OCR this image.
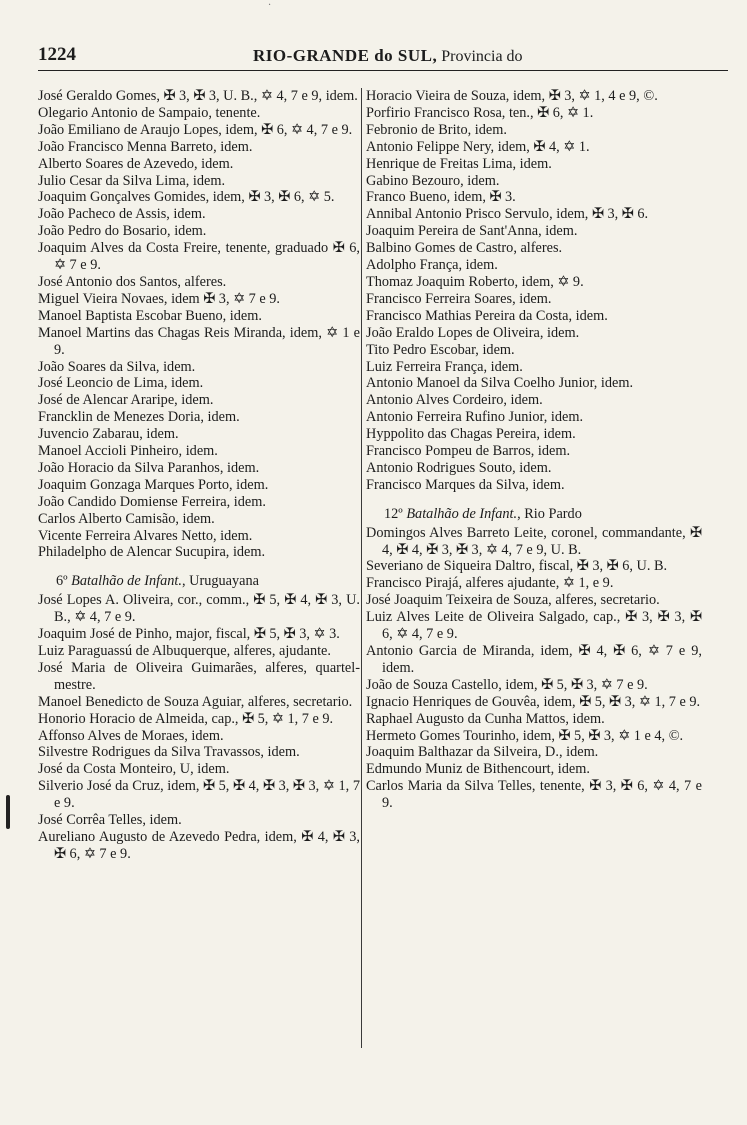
·
1224	RIO-GRANDE do SUL, Provincia do

José Geraldo Gomes, ✠ 3, ✠ 3, U. B., ✡ 4, 7 e 9, idem.

Olegario Antonio de Sampaio, tenente.

João Emiliano de Araujo Lopes, idem, ✠ 6, ✡ 4, 7 e 9.

João Francisco Menna Barreto, idem.

Alberto Soares de Azevedo, idem.

Julio Cesar da Silva Lima, idem.

Joaquim Gonçalves Gomides, idem, ✠ 3, ✠ 6, ✡ 5.

João Pacheco de Assis, idem.

João Pedro do Bosario, idem.

Joaquim Alves da Costa Freire, tenente, graduado ✠ 6, ✡ 7 e 9.

José Antonio dos Santos, alferes.

Miguel Vieira Novaes, idem ✠ 3, ✡ 7 e 9.

Manoel Baptista Escobar Bueno, idem.

Manoel Martins das Chagas Reis Miranda, idem, ✡ 1 e 9.

João Soares da Silva, idem.

José Leoncio de Lima, idem.

José de Alencar Araripe, idem.

Francklin de Menezes Doria, idem.

Juvencio Zabarau, idem.

Manoel Accioli Pinheiro, idem.

João Horacio da Silva Paranhos, idem.

Joaquim Gonzaga Marques Porto, idem.

João Candido Domiense Ferreira, idem.

Carlos Alberto Camisão, idem.

Vicente Ferreira Alvares Netto, idem.

Philadelpho de Alencar Sucupira, idem.

6º Batalhão de Infant., Uruguayana

José Lopes A. Oliveira, cor., comm., ✠ 5, ✠ 4, ✠ 3, U. B., ✡ 4, 7 e 9.

Joaquim José de Pinho, major, fiscal, ✠ 5, ✠ 3, ✡ 3.

Luiz Paraguassú de Albuquerque, alferes, ajudante.

José Maria de Oliveira Guimarães, alferes, quartel-mestre.

Manoel Benedicto de Souza Aguiar, alferes, secretario.

Honorio Horacio de Almeida, cap., ✠ 5, ✡ 1, 7 e 9.

Affonso Alves de Moraes, idem.

Silvestre Rodrigues da Silva Travassos, idem.

José da Costa Monteiro, U, idem.

Silverio José da Cruz, idem, ✠ 5, ✠ 4, ✠ 3, ✠ 3, ✡ 1, 7 e 9.

José Corrêa Telles, idem.

Aureliano Augusto de Azevedo Pedra, idem, ✠ 4, ✠ 3, ✠ 6, ✡ 7 e 9.

Horacio Vieira de Souza, idem, ✠ 3, ✡ 1, 4 e 9, ©.

Porfirio Francisco Rosa, ten., ✠ 6, ✡ 1.

Febronio de Brito, idem.

Antonio Felippe Nery, idem, ✠ 4, ✡ 1.

Henrique de Freitas Lima, idem.

Gabino Bezouro, idem.

Franco Bueno, idem, ✠ 3.

Annibal Antonio Prisco Servulo, idem, ✠ 3, ✠ 6.

Joaquim Pereira de Sant'Anna, idem.

Balbino Gomes de Castro, alferes.

Adolpho França, idem.

Thomaz Joaquim Roberto, idem, ✡ 9.

Francisco Ferreira Soares, idem.

Francisco Mathias Pereira da Costa, idem.

João Eraldo Lopes de Oliveira, idem.

Tito Pedro Escobar, idem.

Luiz Ferreira França, idem.

Antonio Manoel da Silva Coelho Junior, idem.

Antonio Alves Cordeiro, idem.

Antonio Ferreira Rufino Junior, idem.

Hyppolito das Chagas Pereira, idem.

Francisco Pompeu de Barros, idem.

Antonio Rodrigues Souto, idem.

Francisco Marques da Silva, idem.

12º Batalhão de Infant., Rio Pardo

Domingos Alves Barreto Leite, coronel, commandante, ✠ 4, ✠ 4, ✠ 3, ✠ 3, ✡ 4, 7 e 9, U. B.

Severiano de Siqueira Daltro, fiscal, ✠ 3, ✠ 6, U. B.

Francisco Pirajá, alferes ajudante, ✡ 1, e 9.

José Joaquim Teixeira de Souza, alferes, secretario.

Luiz Alves Leite de Oliveira Salgado, cap., ✠ 3, ✠ 3, ✠ 6, ✡ 4, 7 e 9.

Antonio Garcia de Miranda, idem, ✠ 4, ✠ 6, ✡ 7 e 9, idem.

João de Souza Castello, idem, ✠ 5, ✠ 3, ✡ 7 e 9.

Ignacio Henriques de Gouvêa, idem, ✠ 5, ✠ 3, ✡ 1, 7 e 9.

Raphael Augusto da Cunha Mattos, idem.

Hermeto Gomes Tourinho, idem, ✠ 5, ✠ 3, ✡ 1 e 4, ©.

Joaquim Balthazar da Silveira, D., idem.

Edmundo Muniz de Bithencourt, idem.

Carlos Maria da Silva Telles, tenente, ✠ 3, ✠ 6, ✡ 4, 7 e 9.
